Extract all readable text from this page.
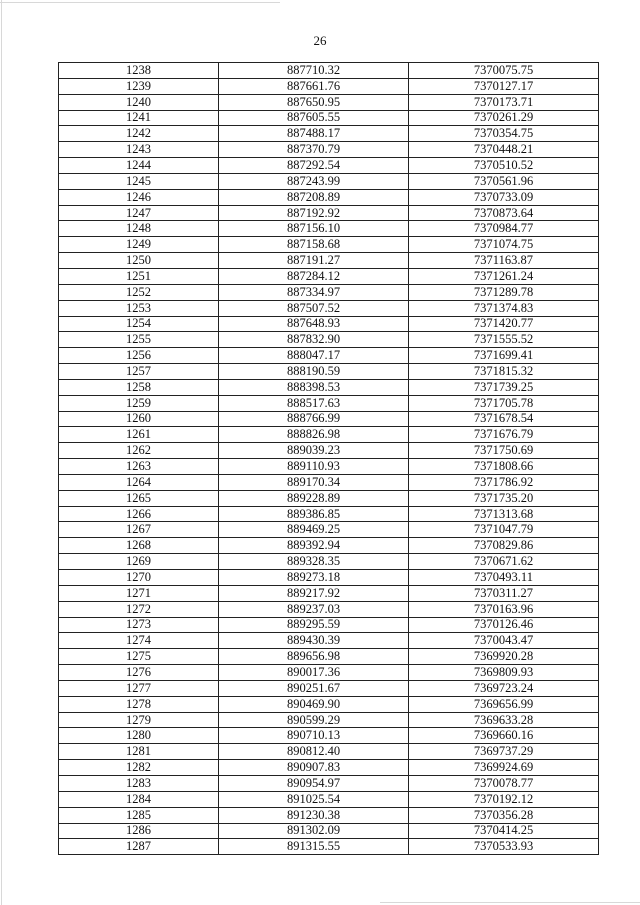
26
1238	887710.32	7370075.75
1239	887661.76	7370127.17
1240	887650.95	7370173.71
1241	887605.55	7370261.29
1242	887488.17	7370354.75
1243	887370.79	7370448.21
1244	887292.54	7370510.52
1245	887243.99	7370561.96
1246	887208.89	7370733.09
1247	887192.92	7370873.64
1248	887156.10	7370984.77
1249	887158.68	7371074.75
1250	887191.27	7371163.87
1251	887284.12	7371261.24
1252	887334.97	7371289.78
1253	887507.52	7371374.83
1254	887648.93	7371420.77
1255	887832.90	7371555.52
1256	888047.17	7371699.41
1257	888190.59	7371815.32
1258	888398.53	7371739.25
1259	888517.63	7371705.78
1260	888766.99	7371678.54
1261	888826.98	7371676.79
1262	889039.23	7371750.69
1263	889110.93	7371808.66
1264	889170.34	7371786.92
1265	889228.89	7371735.20
1266	889386.85	7371313.68
1267	889469.25	7371047.79
1268	889392.94	7370829.86
1269	889328.35	7370671.62
1270	889273.18	7370493.11
1271	889217.92	7370311.27
1272	889237.03	7370163.96
1273	889295.59	7370126.46
1274	889430.39	7370043.47
1275	889656.98	7369920.28
1276	890017.36	7369809.93
1277	890251.67	7369723.24
1278	890469.90	7369656.99
1279	890599.29	7369633.28
1280	890710.13	7369660.16
1281	890812.40	7369737.29
1282	890907.83	7369924.69
1283	890954.97	7370078.77
1284	891025.54	7370192.12
1285	891230.38	7370356.28
1286	891302.09	7370414.25
1287	891315.55	7370533.93
